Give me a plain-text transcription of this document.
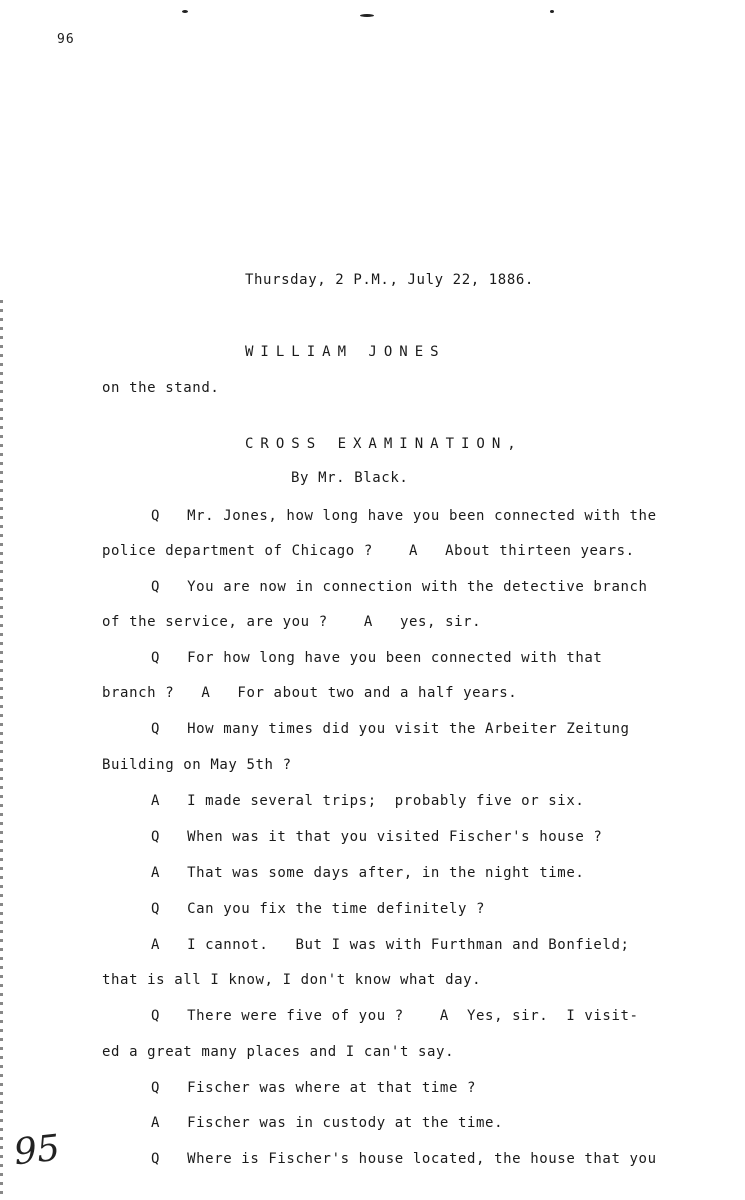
96
Thursday, 2 P.M., July 22, 1886.
WILLIAM JONES
on the stand.
CROSS EXAMINATION,
By Mr. Black.
Q   Mr. Jones, how long have you been connected with the
police department of Chicago ?    A   About thirteen years.
Q   You are now in connection with the detective branch
of the service, are you ?    A   yes, sir.
Q   For how long have you been connected with that
branch ?   A   For about two and a half years.
Q   How many times did you visit the Arbeiter Zeitung
Building on May 5th ?
A   I made several trips;  probably five or six.
Q   When was it that you visited Fischer's house ?
A   That was some days after, in the night time.
Q   Can you fix the time definitely ?
A   I cannot.   But I was with Furthman and Bonfield;
that is all I know, I don't know what day.
Q   There were five of you ?    A  Yes, sir.  I visit-
ed a great many places and I can't say.
Q   Fischer was where at that time ?
A   Fischer was in custody at the time.
Q   Where is Fischer's house located, the house that you
95
